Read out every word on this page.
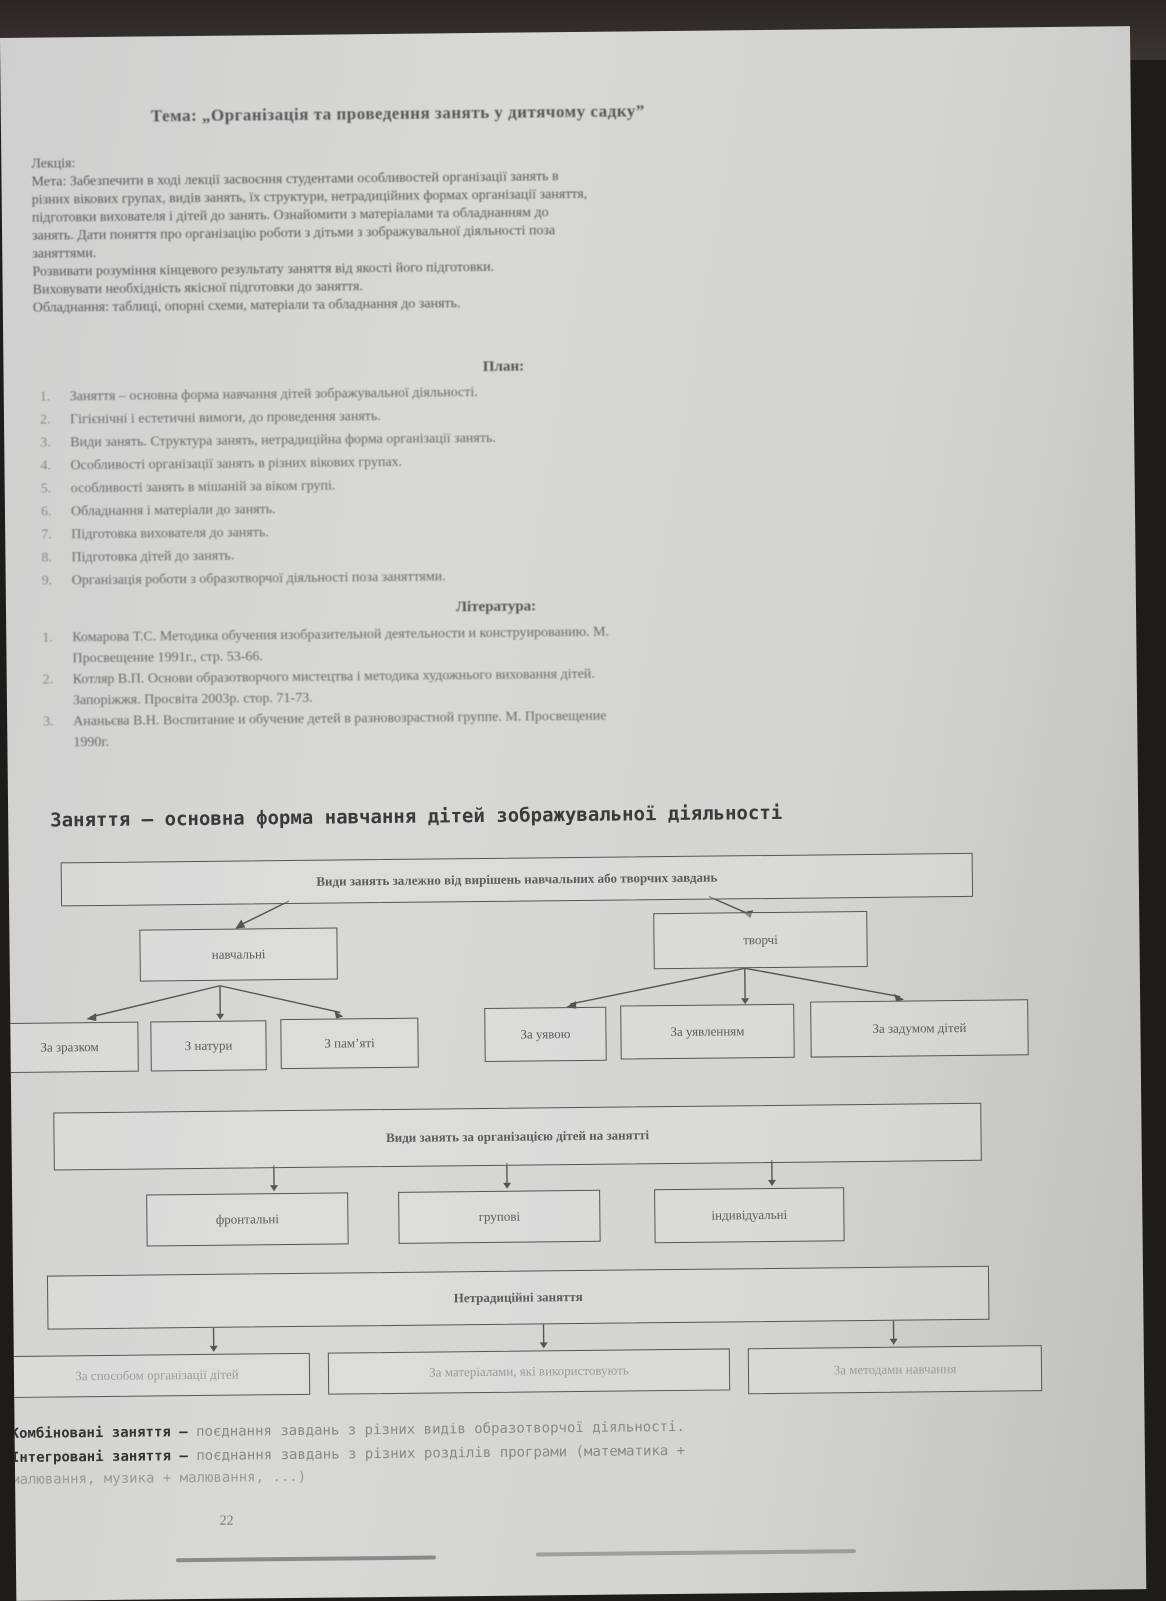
Тема: „Організація та проведення занять у дитячому садку”
Лекція:
Мета: Забезпечити в ході лекції засвоєння студентами особливостей організації занять в
різних вікових групах, видів занять, їх структури, нетрадиційних формах організації заняття,
підготовки вихователя і дітей до занять. Ознайомити з матеріалами та обладнанням до
занять. Дати поняття про організацію роботи з дітьми з зображувальної діяльності поза
заняттями.
Розвивати розуміння кінцевого результату заняття від якості його підготовки.
Виховувати необхідність якісної підготовки до заняття.
Обладнання: таблиці, опорні схеми, матеріали та обладнання до занять.
План:
1. Заняття – основна форма навчання дітей зображувальної діяльності.
2. Гігієнічні і естетичні вимоги, до проведення занять.
3. Види занять. Структура занять, нетрадиційна форма організації занять.
4. Особливості організації занять в різних вікових групах.
5. особливості занять в мішаній за віком групі.
6. Обладнання і матеріали до занять.
7. Підготовка вихователя до занять.
8. Підготовка дітей до занять.
9. Організація роботи з образотворчої діяльності поза заняттями.
Література:
1. Комарова Т.С. Методика обучения изобразительной деятельности и конструированию. М.
Просвещение 1991г., стр. 53-66.
2. Котляр В.П. Основи образотворчого мистецтва і методика художнього виховання дітей.
Запоріжжя. Просвіта 2003р. стор. 71-73.
3. Ананьєва В.Н. Воспитание и обучение детей в разновозрастной группе. М. Просвещение
1990г.
Заняття – основна форма навчання дітей зображувальної діяльності
Види занять залежно від вирішень навчальних або творчих завдань
навчальні
творчі
За зразком	З натури	З пам’яті
За уявою	За уявленням	За задумом дітей
Види занять за організацією дітей на занятті
фронтальні	групові	індивідуальні
Нетрадиційні заняття
За способом організації дітей	За матеріалами, які використовують	За методами навчання
Комбіновані заняття – поєднання завдань з різних видів образотворчої діяльності.
Інтегровані заняття – поєднання завдань з різних розділів програми (математика +
малювання, музика + малювання, ...)
22
